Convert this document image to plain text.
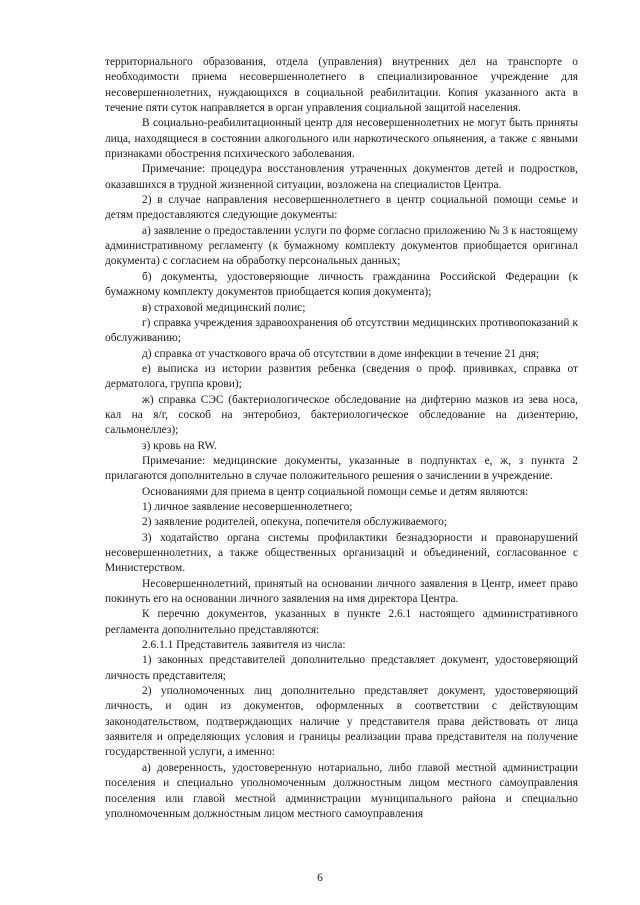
территориального образования, отдела (управления) внутренних дел на транспорте о необходимости приема несовершеннолетнего в специализированное учреждение для несовершеннолетних, нуждающихся в социальной реабилитации. Копия указанного акта в течение пяти суток направляется в орган управления социальной защитой населения.

В социально-реабилитационный центр для несовершеннолетних не могут быть приняты лица, находящиеся в состоянии алкогольного или наркотического опьянения, а также с явными признаками обострения психического заболевания.

Примечание: процедура восстановления утраченных документов детей и подростков, оказавшихся в трудной жизненной ситуации, возложена на специалистов Центра.

2) в случае направления несовершеннолетнего в центр социальной помощи семье и детям предоставляются следующие документы:

а) заявление о предоставлении услуги по форме согласно приложению № 3 к настоящему административному регламенту (к бумажному комплекту документов приобщается оригинал документа) с согласием на обработку персональных данных;

б) документы, удостоверяющие личность гражданина Российской Федерации (к бумажному комплекту документов приобщается копия документа);

в) страховой медицинский полис;

г) справка учреждения здравоохранения об отсутствии медицинских противопоказаний к обслуживанию;

д) справка от участкового врача об отсутствии в доме инфекции в течение 21 дня;

е) выписка из истории развития ребенка (сведения о проф. прививках, справка от дерматолога, группа крови);

ж) справка СЭС (бактериологическое обследование на дифтерию мазков из зева носа, кал на я/г, соскоб на энтеробиоз, бактериологическое обследование на дизентерию, сальмонеллез);

з) кровь на RW.

Примечание: медицинские документы, указанные в подпунктах е, ж, з пункта 2 прилагаются дополнительно в случае положительного решения о зачислении в учреждение.

Основаниями для приема в центр социальной помощи семье и детям являются:

1) личное заявление несовершеннолетнего;

2) заявление родителей, опекуна, попечителя обслуживаемого;

3) ходатайство органа системы профилактики безнадзорности и правонарушений несовершеннолетних, а также общественных организаций и объединений, согласованное с Министерством.

Несовершеннолетний, принятый на основании личного заявления в Центр, имеет право покинуть его на основании личного заявления на имя директора Центра.

К перечню документов, указанных в пункте 2.6.1 настоящего административного регламента дополнительно представляются:

2.6.1.1 Представитель заявителя из числа:

1) законных представителей дополнительно представляет документ, удостоверяющий личность представителя;

2) уполномоченных лиц дополнительно представляет документ, удостоверяющий личность, и один из документов, оформленных в соответствии с действующим законодательством, подтверждающих наличие у представителя права действовать от лица заявителя и определяющих условия и границы реализации права представителя на получение государственной услуги, а именно:

а) доверенность, удостоверенную нотариально, либо главой местной администрации поселения и специально уполномоченным должностным лицом местного самоуправления поселения или главой местной администрации муниципального района и специально уполномоченным должностным лицом местного самоуправления

6
